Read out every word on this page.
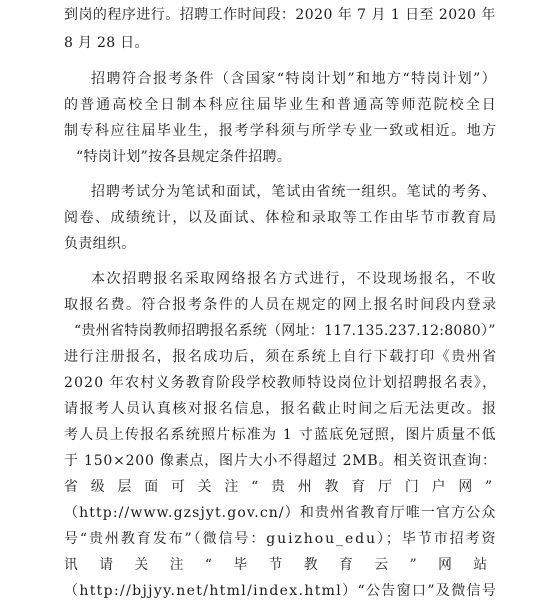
到岗的程序进行。招聘工作时间段：2020 年 7 月 1 日至 2020 年
8 月 28 日。
招聘符合报考条件（含国家“特岗计划”和地方“特岗计划”）
的普通高校全日制本科应往届毕业生和普通高等师范院校全日
制专科应往届毕业生，报考学科须与所学专业一致或相近。地方
“特岗计划”按各县规定条件招聘。
招聘考试分为笔试和面试，笔试由省统一组织。笔试的考务、
阅卷、成绩统计，以及面试、体检和录取等工作由毕节市教育局
负责组织。
本次招聘报名采取网络报名方式进行，不设现场报名，不收
取报名费。符合报考条件的人员在规定的网上报名时间段内登录
“贵州省特岗教师招聘报名系统（网址：117.135.237.12:8080）”
进行注册报名，报名成功后，须在系统上自行下载打印《贵州省
2020 年农村义务教育阶段学校教师特设岗位计划招聘报名表》，
请报考人员认真核对报名信息，报名截止时间之后无法更改。报
考人员上传报名系统照片标准为 1 寸蓝底免冠照，图片质量不低
于 150×200 像素点，图片大小不得超过 2MB。相关资讯查询：
省 级 层 面 可 关 注 “ 贵 州 教 育 厅 门 户 网 ”
（http://www.gzsjyt.gov.cn/）和贵州省教育厅唯一官方公众
号“贵州教育发布”（微信号：guizhou_edu）；毕节市招考资
讯 请 关 注 “ 毕 节 教 育 云 ” 网 站
（http://bjjyy.net/html/index.html）“公告窗口”及微信号
